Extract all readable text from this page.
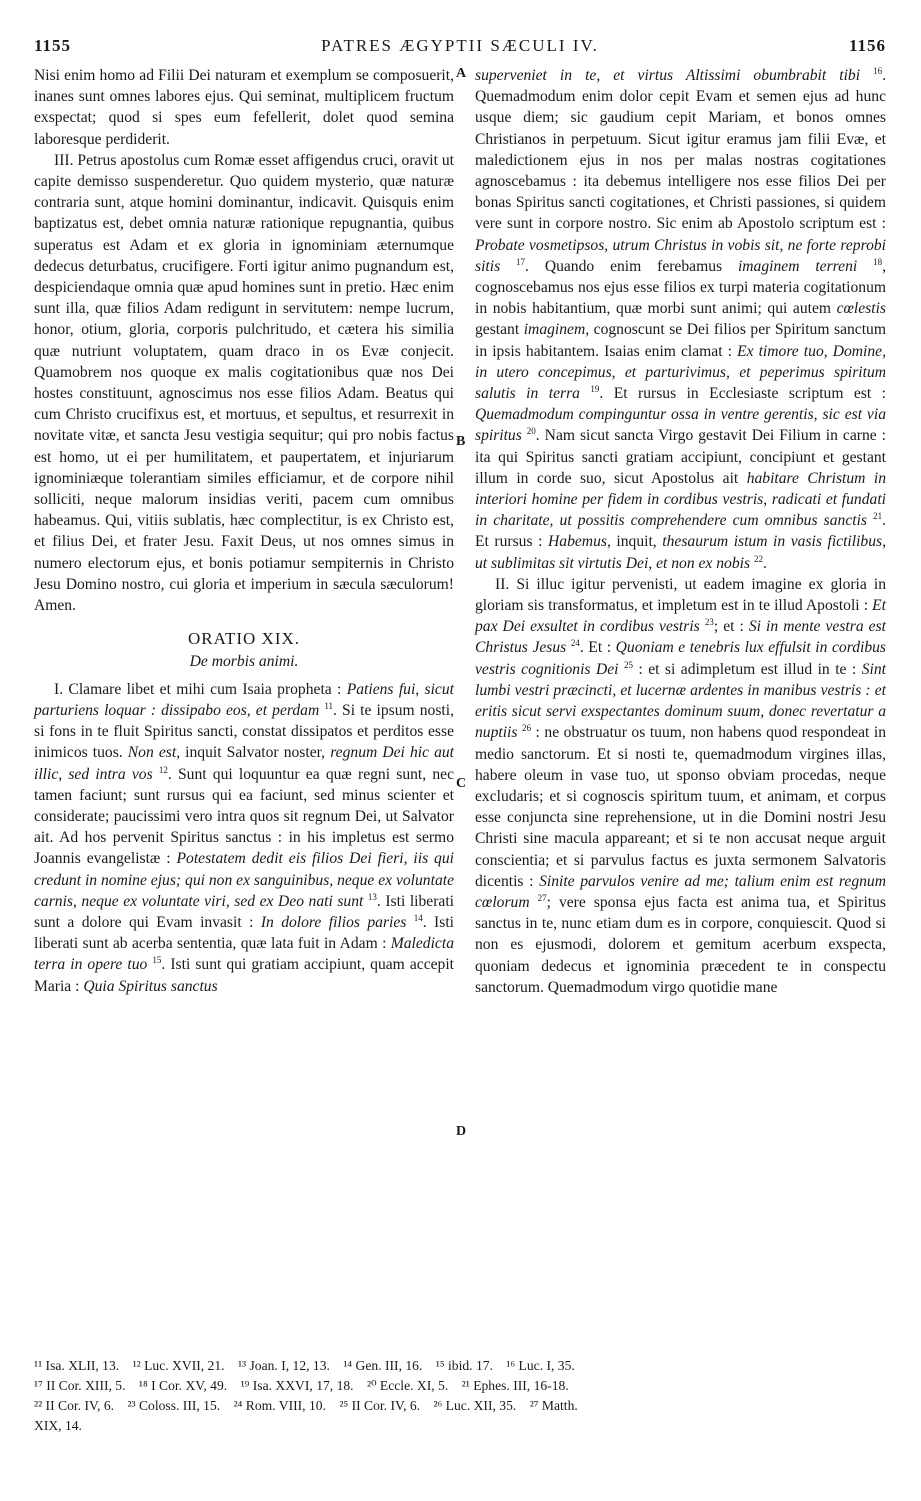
1155	PATRES ÆGYPTII SÆCULI IV.	1156
A
B
C
D

Nisi enim homo ad Filii Dei naturam et exemplum se composuerit, inanes sunt omnes labores ejus. Qui seminat, multiplicem fructum exspectat; quod si spes eum fefellerit, dolet quod semina laboresque perdiderit.

III. Petrus apostolus cum Romæ esset affigendus cruci, oravit ut capite demisso suspenderetur. Quo quidem mysterio, quæ naturæ contraria sunt, atque homini dominantur, indicavit. Quisquis enim baptizatus est, debet omnia naturæ rationique repugnantia, quibus superatus est Adam et ex gloria in ignominiam æternumque dedecus deturbatus, crucifigere. Forti igitur animo pugnandum est, despiciendaque omnia quæ apud homines sunt in pretio. Hæc enim sunt illa, quæ filios Adam redigunt in servitutem: nempe lucrum, honor, otium, gloria, corporis pulchritudo, et cætera his similia quæ nutriunt voluptatem, quam draco in os Evæ conjecit. Quamobrem nos quoque ex malis cogitationibus quæ nos Dei hostes constituunt, agnoscimus nos esse filios Adam. Beatus qui cum Christo crucifixus est, et mortuus, et sepultus, et resurrexit in novitate vitæ, et sancta Jesu vestigia sequitur; qui pro nobis factus est homo, ut ei per humilitatem, et paupertatem, et injuriarum ignominiæque tolerantiam similes efficiamur, et de corpore nihil solliciti, neque malorum insidias veriti, pacem cum omnibus habeamus. Qui, vitiis sublatis, hæc complectitur, is ex Christo est, et filius Dei, et frater Jesu. Faxit Deus, ut nos omnes simus in numero electorum ejus, et bonis potiamur sempiternis in Christo Jesu Domino nostro, cui gloria et imperium in sæcula sæculorum! Amen.

ORATIO XIX.
De morbis animi.

I. Clamare libet et mihi cum Isaia propheta : Patiens fui, sicut parturiens loquar : dissipabo eos, et perdam $^{11}$. Si te ipsum nosti, si fons in te fluit Spiritus sancti, constat dissipatos et perditos esse inimicos tuos. Non est, inquit Salvator noster, regnum Dei hic aut illic, sed intra vos $^{12}$. Sunt qui loquuntur ea quæ regni sunt, nec tamen faciunt; sunt rursus qui ea faciunt, sed minus scienter et considerate; paucissimi vero intra quos sit regnum Dei, ut Salvator ait. Ad hos pervenit Spiritus sanctus : in his impletus est sermo Joannis evangelistæ : Potestatem dedit eis filios Dei fieri, iis qui credunt in nomine ejus; qui non ex sanguinibus, neque ex voluntate carnis, neque ex voluntate viri, sed ex Deo nati sunt $^{13}$. Isti liberati sunt a dolore qui Evam invasit : In dolore filios paries $^{14}$. Isti liberati sunt ab acerba sententia, quæ lata fuit in Adam : Maledicta terra in opere tuo $^{15}$. Isti sunt qui gratiam accipiunt, quam accepit Maria : Quia Spiritus sanctus

superveniet in te, et virtus Altissimi obumbrabit tibi $^{16}$. Quemadmodum enim dolor cepit Evam et semen ejus ad hunc usque diem; sic gaudium cepit Mariam, et bonos omnes Christianos in perpetuum. Sicut igitur eramus jam filii Evæ, et maledictionem ejus in nos per malas nostras cogitationes agnoscebamus : ita debemus intelligere nos esse filios Dei per bonas Spiritus sancti cogitationes, et Christi passiones, si quidem vere sunt in corpore nostro. Sic enim ab Apostolo scriptum est : Probate vosmetipsos, utrum Christus in vobis sit, ne forte reprobi sitis $^{17}$. Quando enim ferebamus imaginem terreni $^{18}$, cognoscebamus nos ejus esse filios ex turpi materia cogitationum in nobis habitantium, quæ morbi sunt animi; qui autem cœlestis gestant imaginem, cognoscunt se Dei filios per Spiritum sanctum in ipsis habitantem. Isaias enim clamat : Ex timore tuo, Domine, in utero concepimus, et parturivimus, et peperimus spiritum salutis in terra $^{19}$. Et rursus in Ecclesiaste scriptum est : Quemadmodum compinguntur ossa in ventre gerentis, sic est via spiritus $^{20}$. Nam sicut sancta Virgo gestavit Dei Filium in carne : ita qui Spiritus sancti gratiam accipiunt, concipiunt et gestant illum in corde suo, sicut Apostolus ait habitare Christum in interiori homine per fidem in cordibus vestris, radicati et fundati in charitate, ut possitis comprehendere cum omnibus sanctis $^{21}$. Et rursus : Habemus, inquit, thesaurum istum in vasis fictilibus, ut sublimitas sit virtutis Dei, et non ex nobis $^{22}$.

II. Si illuc igitur pervenisti, ut eadem imagine ex gloria in gloriam sis transformatus, et impletum est in te illud Apostoli : Et pax Dei exsultet in cordibus vestris $^{23}$; et : Si in mente vestra est Christus Jesus $^{24}$. Et : Quoniam e tenebris lux effulsit in cordibus vestris cognitionis Dei $^{25}$ : et si adimpletum est illud in te : Sint lumbi vestri præcincti, et lucernæ ardentes in manibus vestris : et eritis sicut servi exspectantes dominum suum, donec revertatur a nuptiis $^{26}$ : ne obstruatur os tuum, non habens quod respondeat in medio sanctorum. Et si nosti te, quemadmodum virgines illas, habere oleum in vase tuo, ut sponso obviam procedas, neque excludaris; et si cognoscis spiritum tuum, et animam, et corpus esse conjuncta sine reprehensione, ut in die Domini nostri Jesu Christi sine macula appareant; et si te non accusat neque arguit conscientia; et si parvulus factus es juxta sermonem Salvatoris dicentis : Sinite parvulos venire ad me; talium enim est regnum cœlorum $^{27}$; vere sponsa ejus facta est anima tua, et Spiritus sanctus in te, nunc etiam dum es in corpore, conquiescit. Quod si non es ejusmodi, dolorem et gemitum acerbum exspecta, quoniam dedecus et ignominia præcedent te in conspectu sanctorum. Quemadmodum virgo quotidie mane

¹¹ Isa. XLII, 13. ¹² Luc. XVII, 21. ¹³ Joan. I, 12, 13. ¹⁴ Gen. III, 16. ¹⁵ ibid. 17. ¹⁶ Luc. I, 35.
¹⁷ II Cor. XIII, 5. ¹⁸ I Cor. XV, 49. ¹⁹ Isa. XXVI, 17, 18. ²⁰ Eccle. XI, 5. ²¹ Ephes. III, 16-18.
²² II Cor. IV, 6. ²³ Coloss. III, 15. ²⁴ Rom. VIII, 10. ²⁵ II Cor. IV, 6. ²⁶ Luc. XII, 35. ²⁷ Matth.
XIX, 14.
